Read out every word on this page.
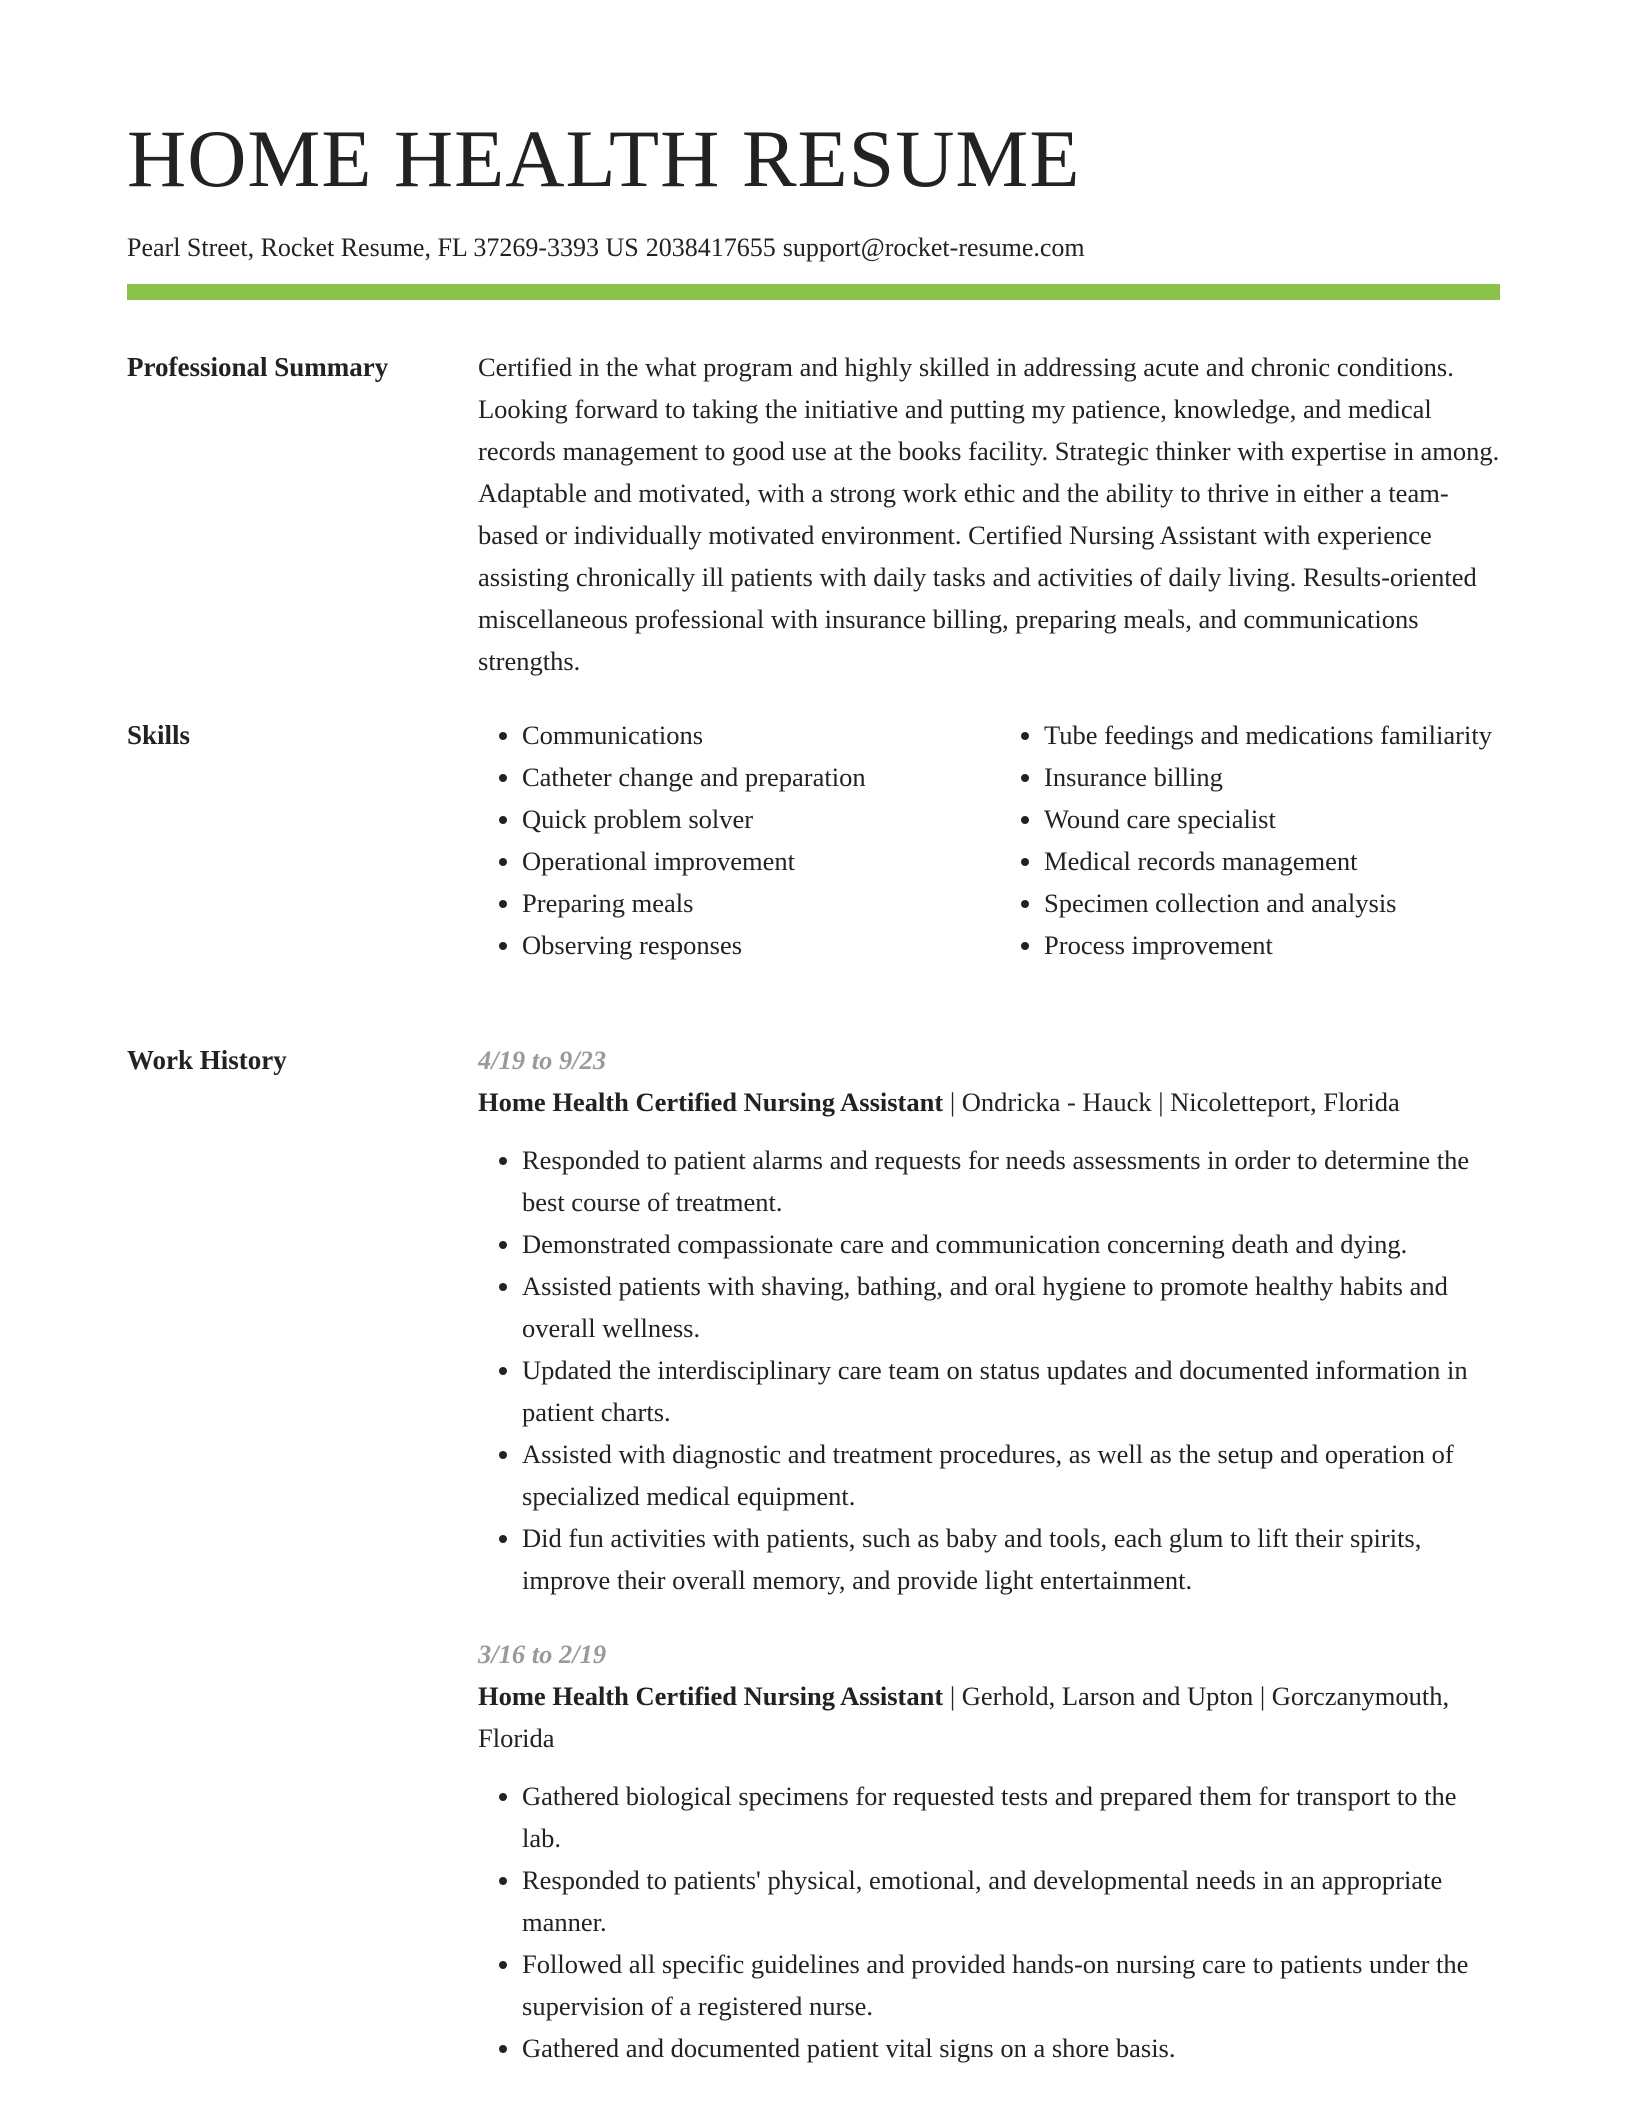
HOME HEALTH RESUME
Pearl Street, Rocket Resume, FL 37269-3393 US 2038417655 support@rocket-resume.com
Professional Summary	Certified in the what program and highly skilled in addressing acute and chronic conditions. Looking forward to taking the initiative and putting my patience, knowledge, and medical records management to good use at the books facility. Strategic thinker with expertise in among. Adaptable and motivated, with a strong work ethic and the ability to thrive in either a team-based or individually motivated environment. Certified Nursing Assistant with experience assisting chronically ill patients with daily tasks and activities of daily living. Results-oriented miscellaneous professional with insurance billing, preparing meals, and communications strengths.

Skills
•	Communications
• Catheter change and preparation
• Quick problem solver
• Operational improvement
• Preparing meals
• Observing responses
• Tube feedings and medications familiarity
• Insurance billing
• Wound care specialist
• Medical records management
• Specimen collection and analysis
• Process improvement
Work History	4/19 to 9/23
Home Health Certified Nursing Assistant | Ondricka - Hauck | Nicoletteport, Florida
• Responded to patient alarms and requests for needs assessments in order to determine the best course of treatment.
• Demonstrated compassionate care and communication concerning death and dying.
• Assisted patients with shaving, bathing, and oral hygiene to promote healthy habits and overall wellness.
• Updated the interdisciplinary care team on status updates and documented information in patient charts.
• Assisted with diagnostic and treatment procedures, as well as the setup and operation of specialized medical equipment.
• Did fun activities with patients, such as baby and tools, each glum to lift their spirits, improve their overall memory, and provide light entertainment.
3/16 to 2/19
Home Health Certified Nursing Assistant | Gerhold, Larson and Upton | Gorczanymouth, Florida
• Gathered biological specimens for requested tests and prepared them for transport to the lab.
• Responded to patients' physical, emotional, and developmental needs in an appropriate manner.
• Followed all specific guidelines and provided hands-on nursing care to patients under the supervision of a registered nurse.
• Gathered and documented patient vital signs on a shore basis.
